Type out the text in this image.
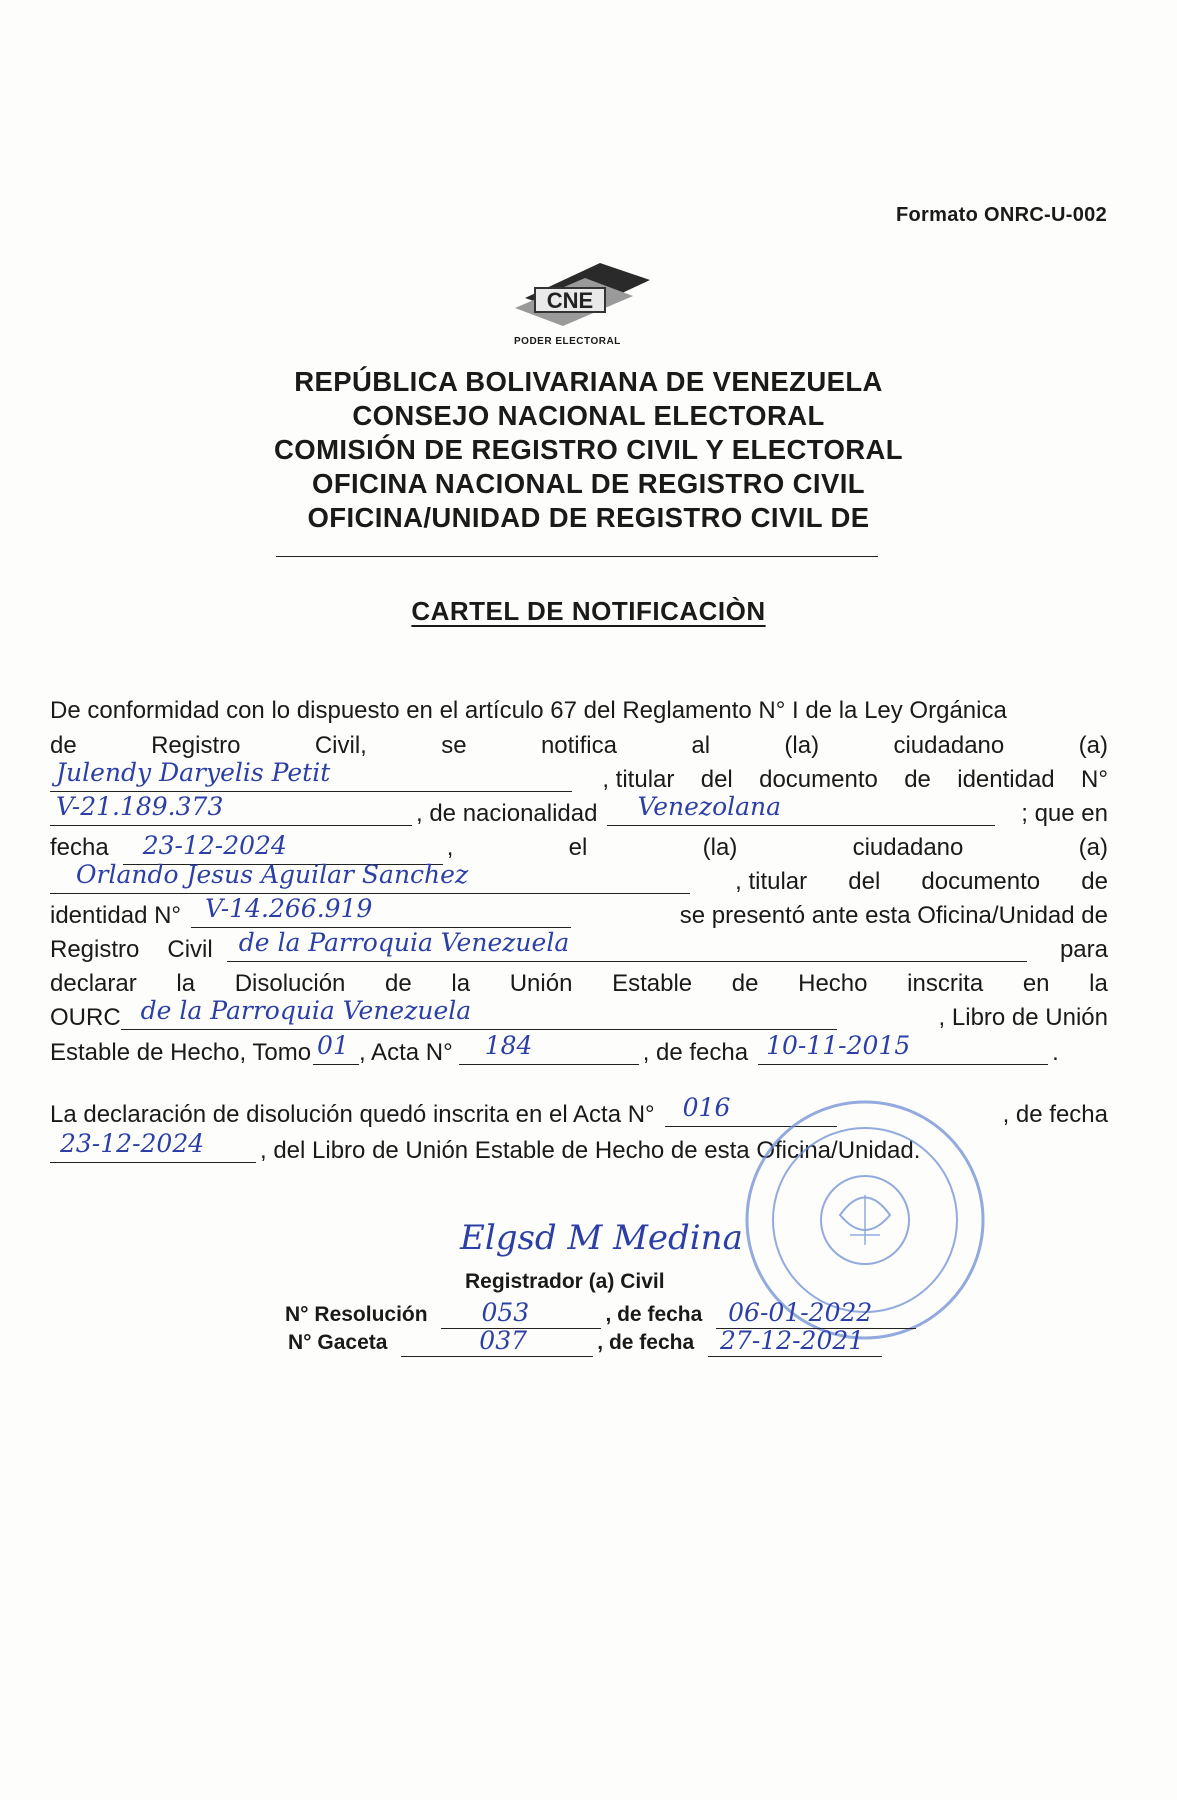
Formato ONRC-U-002
CNE
PODER ELECTORAL
REPÚBLICA BOLIVARIANA DE VENEZUELA
CONSEJO NACIONAL ELECTORAL
COMISIÓN DE REGISTRO CIVIL Y ELECTORAL
OFICINA NACIONAL DE REGISTRO CIVIL
OFICINA/UNIDAD DE REGISTRO CIVIL DE
CARTEL DE NOTIFICACIÒN
De conformidad con lo dispuesto en el artículo 67 del Reglamento N° I de la Ley Orgánica
de	Registro	Civil,	se	notifica	al	(la)	ciudadano	(a)
Julendy Daryelis Petit	, titular del documento de identidad N°
V-21.189.373	, de nacionalidad Venezolana	; que en
fecha 23-12-2024	,	el	(la)	ciudadano	(a)
Orlando Jesus Aguilar Sanchez	, titular del documento de
identidad N° V-14.266.919	se presentó ante esta Oficina/Unidad de
Registro Civil de la Parroquia Venezuela	para
declarar la Disolución de la Unión Estable de Hecho inscrita en la
OURC de la Parroquia Venezuela	, Libro de Unión
Estable de Hecho, Tomo 01 , Acta N° 184	, de fecha 10-11-2015	.
La declaración de disolución quedó inscrita en el Acta N° 016	, de fecha
23-12-2024 , del Libro de Unión Estable de Hecho de esta Oficina/Unidad.
Elgsd M Medina
Registrador (a) Civil
N° Resolución 053	, de fecha 06-01-2022
N° Gaceta	037	, de fecha 27-12-2021
